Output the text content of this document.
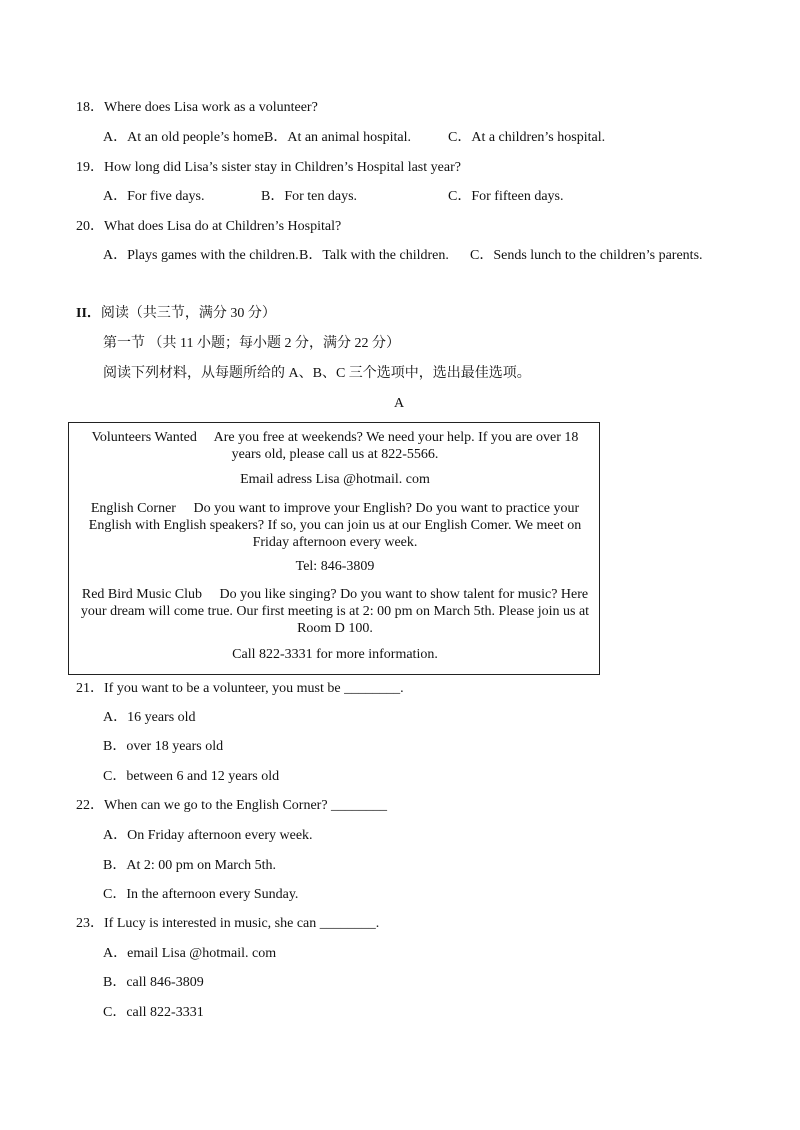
18．Where does Lisa work as a volunteer?
A．At an old people’s home.
B．At an animal hospital.	C．At a children’s hospital.
19．How long did Lisa’s sister stay in Children’s Hospital last year?
A．For five days.	B．For ten days.	C．For fifteen days.
20．What does Lisa do at Children’s Hospital?
A．Plays games with the children. B．Talk with the children. C．Sends lunch to the children’s parents.
II．阅读（共三节，满分 30 分）
第一节 （共 11 小题；每小题 2 分，满分 22 分）
阅读下列材料，从每题所给的 A、B、C 三个选项中，选出最佳选项。
A
Volunteers Wanted　 Are you free at weekends? We need your help. If you are over 18 years old, please call us at 822-5566.
Email adress Lisa @hotmail. com
English Corner　 Do you want to improve your English? Do you want to practice your English with English speakers? If so, you can join us at our English Comer. We meet on Friday afternoon every week.
Tel: 846-3809
Red Bird Music Club　 Do you like singing? Do you want to show talent for music? Here your dream will come true. Our first meeting is at 2: 00 pm on March 5th. Please join us at Room D 100.
Call 822-3331 for more information.
21．If you want to be a volunteer, you must be ________.
A．16 years old
B．over 18 years old
C．between 6 and 12 years old
22．When can we go to the English Corner? ________
A．On Friday afternoon every week.
B．At 2: 00 pm on March 5th.
C．In the afternoon every Sunday.
23．If Lucy is interested in music, she can ________.
A．email Lisa @hotmail. com
B．call 846-3809
C．call 822-3331
